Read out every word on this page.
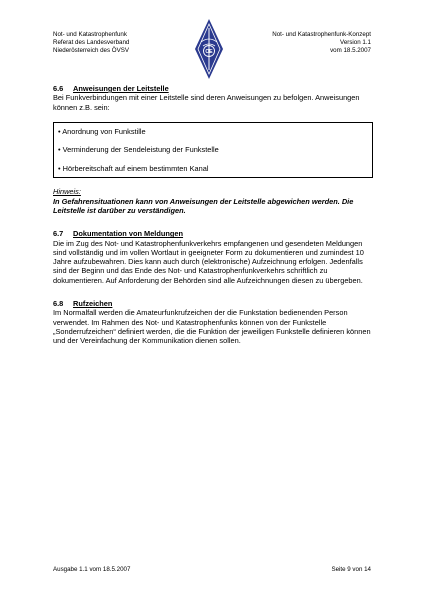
Not- und Katastrophenfunk
Referat des Landesverband
Niederösterreich des ÖVSV	OE
Not- und Katastrophenfunk-Konzept
Version 1.1
vom 18.5.2007
6.6 Anweisungen der Leitstelle

Bei Funkverbindungen mit einer Leitstelle sind deren Anweisungen zu befolgen. Anweisungen können z.B. sein:

• Anordnung von Funkstille
• Verminderung der Sendeleistung der Funkstelle
• Hörbereitschaft auf einem bestimmten Kanal
Hinweis:

In Gefahrensituationen kann von Anweisungen der Leitstelle abgewichen werden. Die Leitstelle ist darüber zu verständigen.

6.7 Dokumentation von Meldungen

Die im Zug des Not- und Katastrophenfunkverkehrs empfangenen und gesendeten Meldungen sind vollständig und im vollen Wortlaut in geeigneter Form zu dokumentieren und zumindest 10 Jahre aufzubewahren. Dies kann auch durch (elektronische) Aufzeichnung erfolgen. Jedenfalls sind der Beginn und das Ende des Not- und Katastrophenfunkverkehrs schriftlich zu dokumentieren. Auf Anforderung der Behörden sind alle Aufzeichnungen diesen zu übergeben.

6.8 Rufzeichen

Im Normalfall werden die Amateurfunkrufzeichen der die Funkstation bedienenden Person verwendet. Im Rahmen des Not- und Katastrophenfunks können von der Funkstelle „Sonderrufzeichen“ definiert werden, die die Funktion der jeweiligen Funkstelle definieren können und der Vereinfachung der Kommunikation dienen sollen.

Ausgabe 1.1 vom 18.5.2007	Seite 9 von 14
